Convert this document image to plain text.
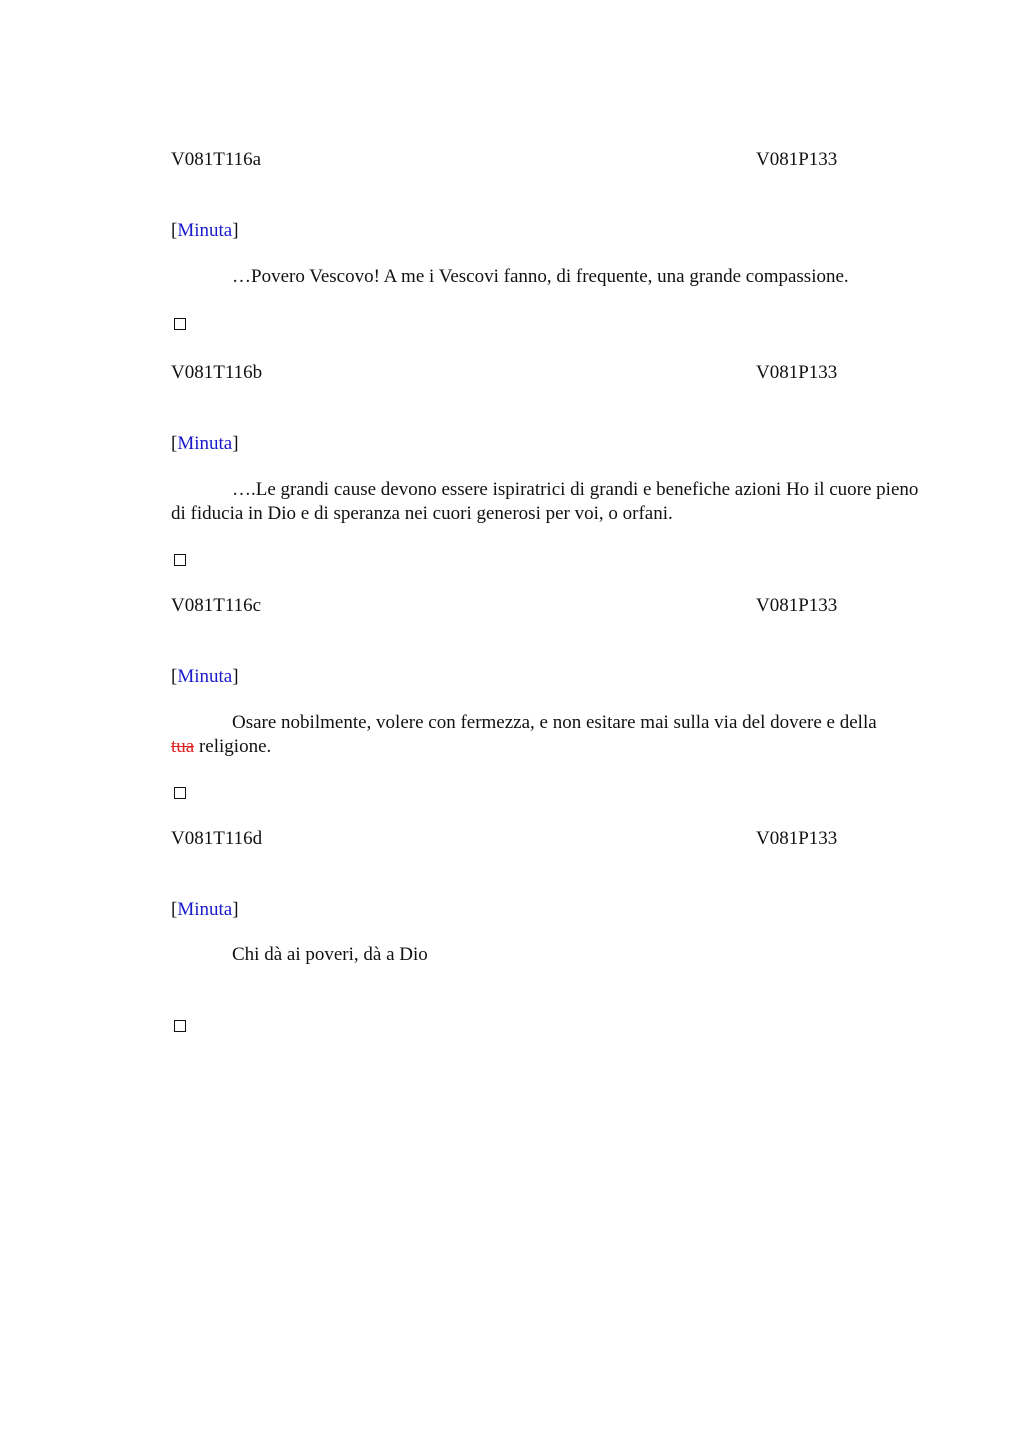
V081T116a	V081P133
[Minuta]
…Povero Vescovo! A me i Vescovi fanno, di frequente, una grande compassione.
V081T116b	V081P133
[Minuta]
….Le grandi cause devono essere ispiratrici di grandi e benefiche azioni Ho il cuore pieno di fiducia in Dio e di speranza nei cuori generosi per voi, o orfani.
V081T116c	V081P133
[Minuta]
Osare nobilmente, volere con fermezza, e non esitare mai sulla via del dovere e della tua religione.
V081T116d	V081P133
[Minuta]
Chi dà ai poveri, dà a Dio
